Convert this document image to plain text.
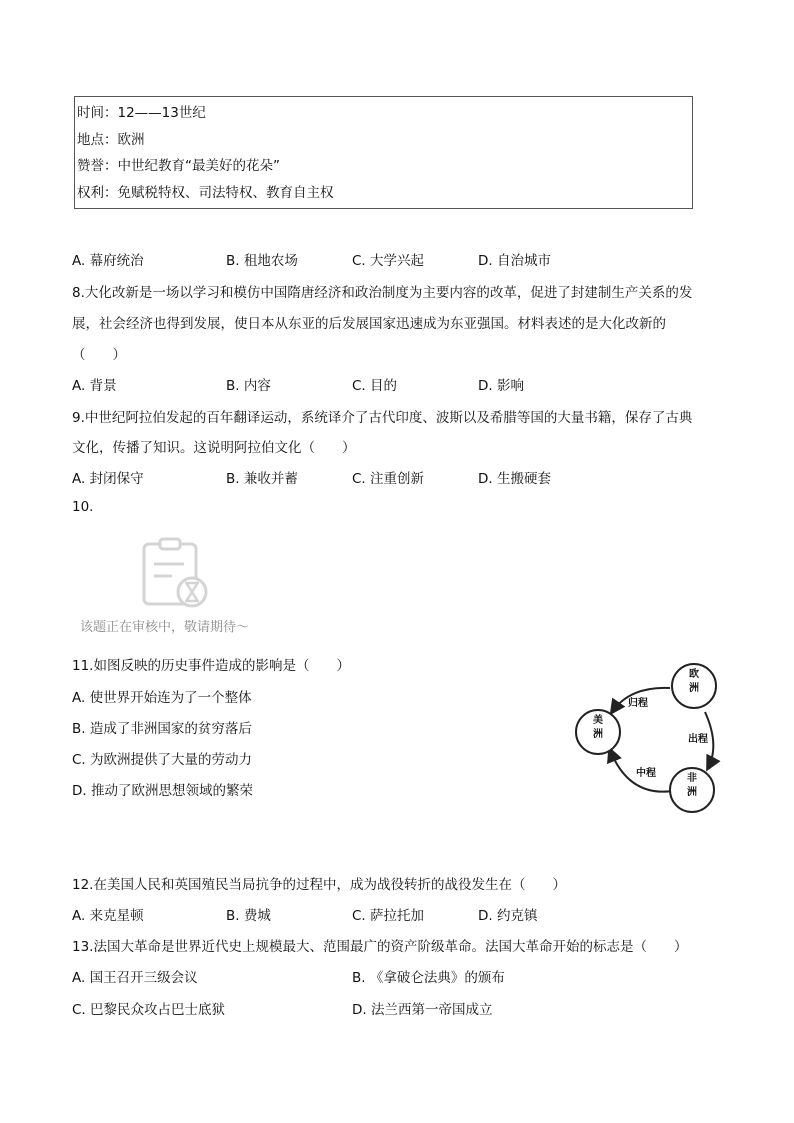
时间：12——13世纪
地点：欧洲
赞誉：中世纪教育“最美好的花朵”
权利：免赋税特权、司法特权、教育自主权
A. 幕府统治	B. 租地农场	C. 大学兴起	D. 自治城市
8.大化改新是一场以学习和模仿中国隋唐经济和政治制度为主要内容的改革，促进了封建制生产关系的发
展，社会经济也得到发展，使日本从东亚的后发展国家迅速成为东亚强国。材料表述的是大化改新的
（　　）
A. 背景	B. 内容	C. 目的	D. 影响
9.中世纪阿拉伯发起的百年翻译运动，系统译介了古代印度、波斯以及希腊等国的大量书籍，保存了古典
文化，传播了知识。这说明阿拉伯文化（　　）
A. 封闭保守	B. 兼收并蓄	C. 注重创新	D. 生搬硬套
10.
该题正在审核中，敬请期待～
11.如图反映的历史事件造成的影响是（　　）
A. 使世界开始连为了一个整体
B. 造成了非洲国家的贫穷落后
C. 为欧洲提供了大量的劳动力
D. 推动了欧洲思想领域的繁荣
欧洲
美洲
非洲
归程
出程
中程
12.在美国人民和英国殖民当局抗争的过程中，成为战役转折的战役发生在（　　）
A. 来克星顿	B. 费城	C. 萨拉托加	D. 约克镇
13.法国大革命是世界近代史上规模最大、范围最广的资产阶级革命。法国大革命开始的标志是（　　）
A. 国王召开三级会议	B. 《拿破仑法典》的颁布
C. 巴黎民众攻占巴士底狱	D. 法兰西第一帝国成立
